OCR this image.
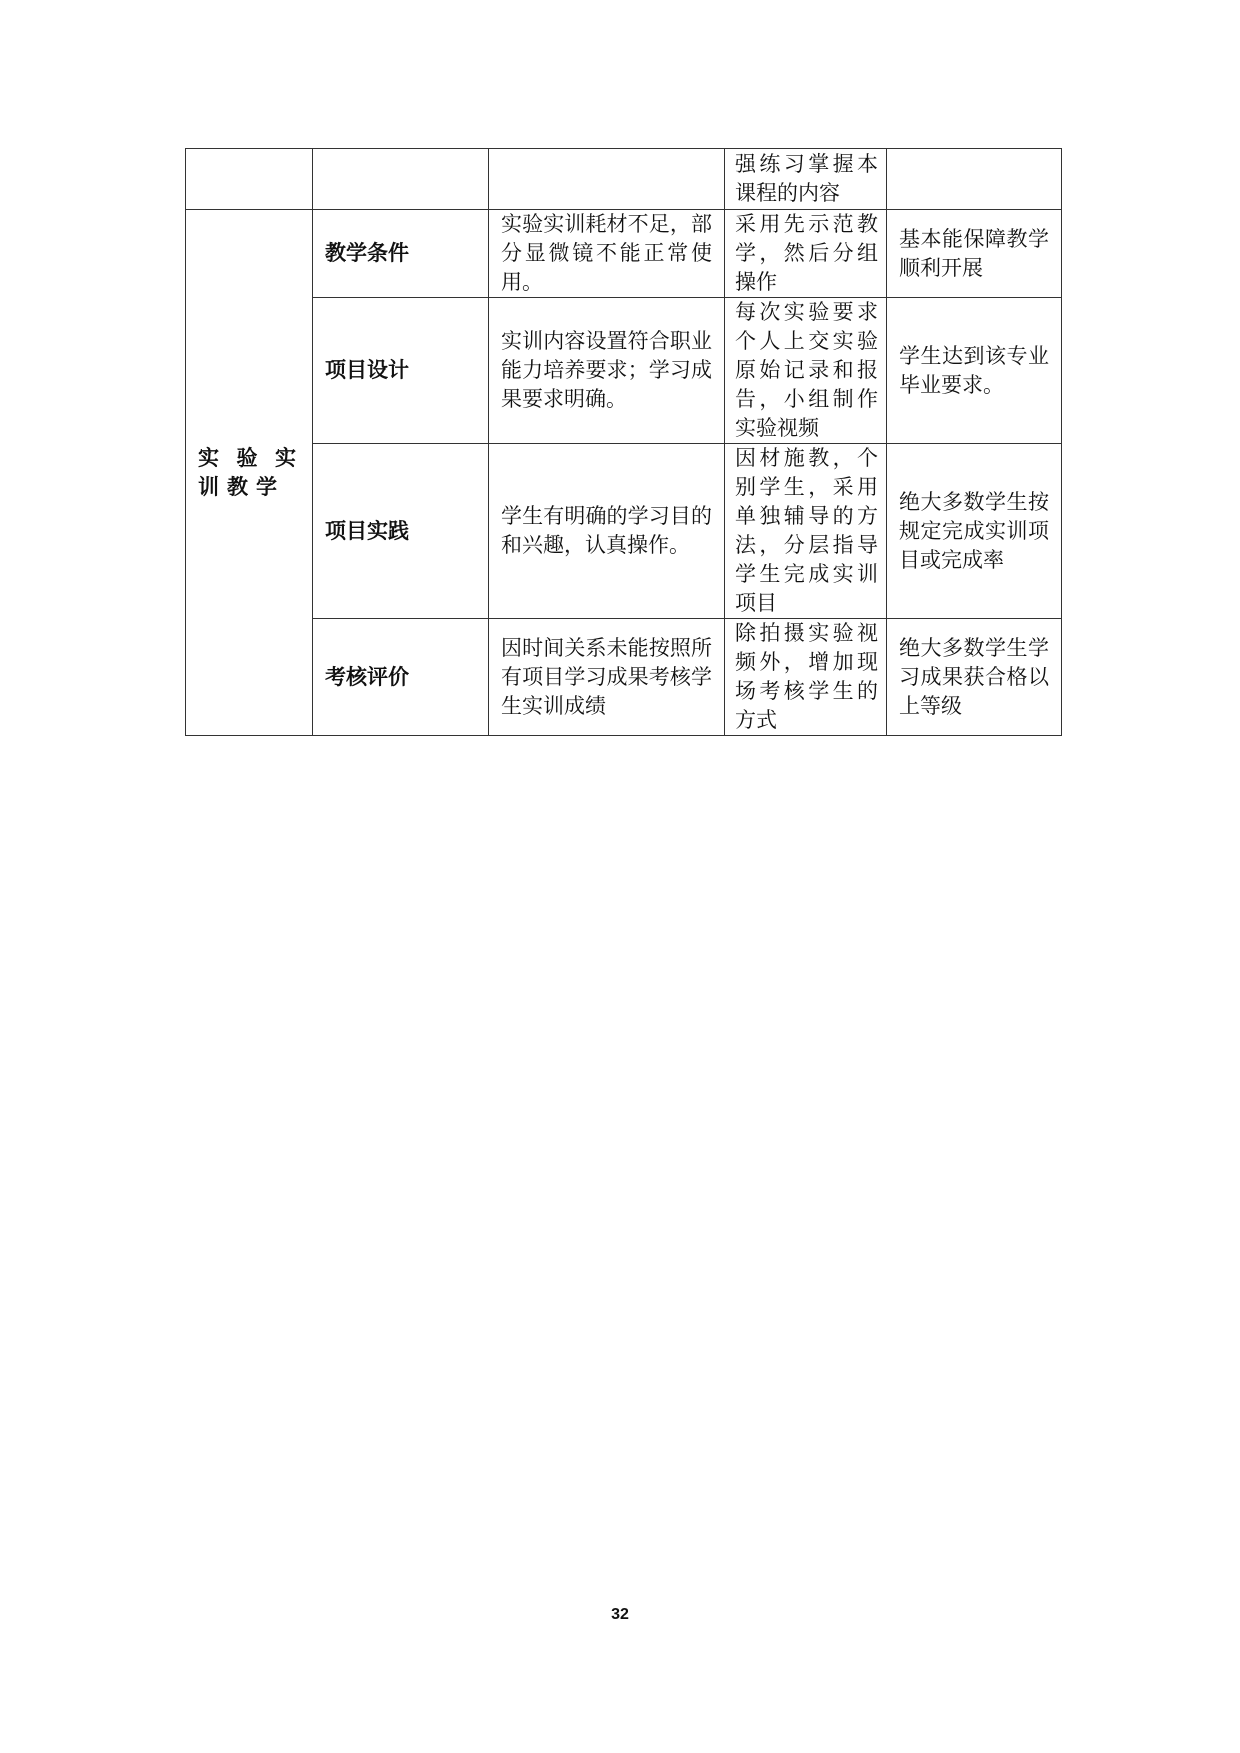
			强练习掌握本课程的内容	
实验实训教学	教学条件	实验实训耗材不足，部分显微镜不能正常使用。	采用先示范教学，然后分组操作	基本能保障教学顺利开展
	项目设计	实训内容设置符合职业能力培养要求；学习成果要求明确。	每次实验要求个人上交实验原始记录和报告，小组制作实验视频	学生达到该专业毕业要求。
	项目实践	学生有明确的学习目的和兴趣，认真操作。	因材施教，个别学生，采用单独辅导的方法，分层指导学生完成实训项目	绝大多数学生按规定完成实训项目或完成率
	考核评价	因时间关系未能按照所有项目学习成果考核学生实训成绩	除拍摄实验视频外，增加现场考核学生的方式	绝大多数学生学习成果获合格以上等级
32
